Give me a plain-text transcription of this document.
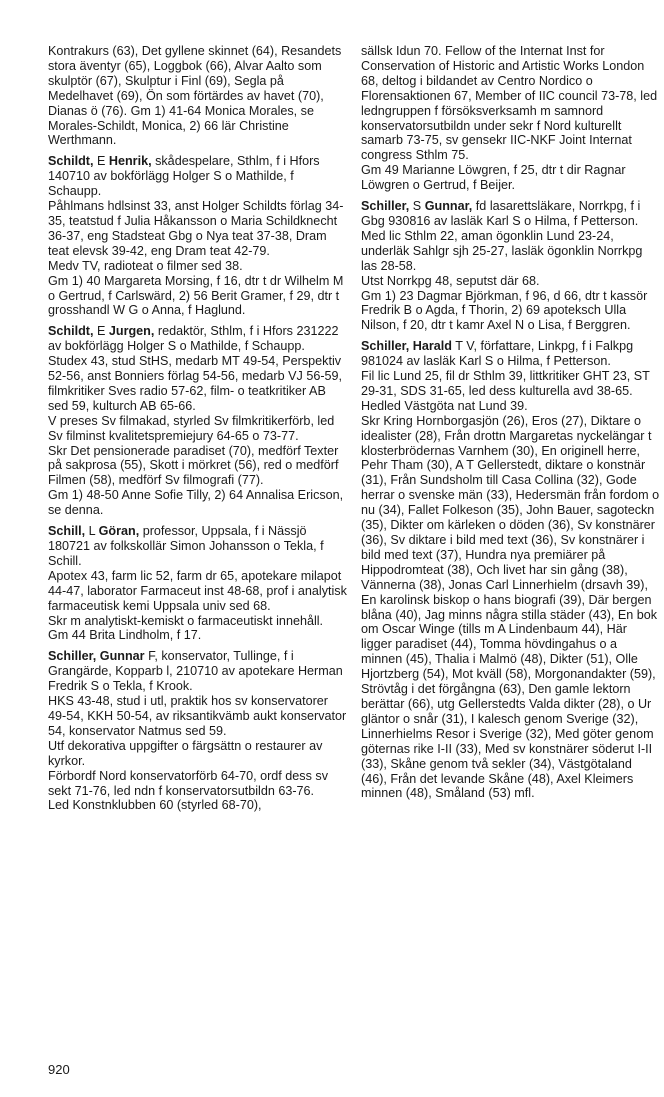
Kontrakurs (63), Det gyllene skinnet (64), Resandets stora äventyr (65), Loggbok (66), Alvar Aalto som skulptör (67), Skulptur i Finl (69), Segla på Medelhavet (69), Ön som förtärdes av havet (70), Dianas ö (76). Gm 1) 41-64 Monica Morales, se Morales-Schildt, Monica, 2) 66 lär Christine Werthmann.
Schildt, E Henrik, skådespelare, Sthlm, f i Hfors 140710 av bokförlägg Holger S o Mathilde, f Schaupp.
Påhlmans hdlsinst 33, anst Holger Schildts förlag 34-35, teatstud f Julia Håkansson o Maria Schildknecht 36-37, eng Stadsteat Gbg o Nya teat 37-38, Dram teat elevsk 39-42, eng Dram teat 42-79.
Medv TV, radioteat o filmer sed 38.
Gm 1) 40 Margareta Morsing, f 16, dtr t dr Wilhelm M o Gertrud, f Carlswärd, 2) 56 Berit Gramer, f 29, dtr t grosshandl W G o Anna, f Haglund.
Schildt, E Jurgen, redaktör, Sthlm, f i Hfors 231222 av bokförlägg Holger S o Mathilde, f Schaupp.
Studex 43, stud StHS, medarb MT 49-54, Perspektiv 52-56, anst Bonniers förlag 54-56, medarb VJ 56-59, filmkritiker Sves radio 57-62, film- o teatkritiker AB sed 59, kulturch AB 65-66.
V preses Sv filmakad, styrled Sv filmkritikerförb, led Sv filminst kvalitetspremiejury 64-65 o 73-77.
Skr Det pensionerade paradiset (70), medförf Texter på sakprosa (55), Skott i mörkret (56), red o medförf Filmen (58), medförf Sv filmografi (77).
Gm 1) 48-50 Anne Sofie Tilly, 2) 64 Annalisa Ericson, se denna.
Schill, L Göran, professor, Uppsala, f i Nässjö 180721 av folkskollär Simon Johansson o Tekla, f Schill.
Apotex 43, farm lic 52, farm dr 65, apotekare milapot 44-47, laborator Farmaceut inst 48-68, prof i analytisk farmaceutisk kemi Uppsala univ sed 68.
Skr m analytiskt-kemiskt o farmaceutiskt innehåll.
Gm 44 Brita Lindholm, f 17.
Schiller, Gunnar F, konservator, Tullinge, f i Grangärde, Kopparb l, 210710 av apotekare Herman Fredrik S o Tekla, f Krook.
HKS 43-48, stud i utl, praktik hos sv konservatorer 49-54, KKH 50-54, av riksantikvämb aukt konservator 54, konservator Natmus sed 59.
Utf dekorativa uppgifter o färgsättn o restaurer av kyrkor.
Förbordf Nord konservatorförb 64-70, ordf dess sv sekt 71-76, led ndn f konservatorsutbildn 63-76.
Led Konstnklubben 60 (styrled 68-70),
sällsk Idun 70. Fellow of the Internat Inst for Conservation of Historic and Artistic Works London 68, deltog i bildandet av Centro Nordico o Florensaktionen 67, Member of IIC council 73-78, led ledngruppen f försöksverksamh m samnord konservatorsutbildn under sekr f Nord kulturellt samarb 73-75, sv gensekr IIC-NKF Joint Internat congress Sthlm 75.
Gm 49 Marianne Löwgren, f 25, dtr t dir Ragnar Löwgren o Gertrud, f Beijer.
Schiller, S Gunnar, fd lasarettsläkare, Norrkpg, f i Gbg 930816 av lasläk Karl S o Hilma, f Petterson.
Med lic Sthlm 22, aman ögonklin Lund 23-24, underläk Sahlgr sjh 25-27, lasläk ögonklin Norrkpg las 28-58.
Utst Norrkpg 48, seputst där 68.
Gm 1) 23 Dagmar Björkman, f 96, d 66, dtr t kassör Fredrik B o Agda, f Thorin, 2) 69 apoteksch Ulla Nilson, f 20, dtr t kamr Axel N o Lisa, f Berggren.
Schiller, Harald T V, författare, Linkpg, f i Falkpg 981024 av lasläk Karl S o Hilma, f Petterson.
Fil lic Lund 25, fil dr Sthlm 39, littkritiker GHT 23, ST 29-31, SDS 31-65, led dess kulturella avd 38-65.
Hedled Västgöta nat Lund 39.
Skr Kring Hornborgasjön (26), Eros (27), Diktare o idealister (28), Från drottn Margaretas nyckelängar t klosterbrödernas Varnhem (30), En originell herre, Pehr Tham (30), A T Gellerstedt, diktare o konstnär (31), Från Sundsholm till Casa Collina (32), Gode herrar o svenske män (33), Hedersmän från fordom o nu (34), Fallet Folkeson (35), John Bauer, sagoteckn (35), Dikter om kärleken o döden (36), Sv konstnärer (36), Sv diktare i bild med text (36), Sv konstnärer i bild med text (37), Hundra nya premiärer på Hippodromteat (38), Och livet har sin gång (38), Vännerna (38), Jonas Carl Linnerhielm (drsavh 39), En karolinsk biskop o hans biografi (39), Där bergen blåna (40), Jag minns några stilla städer (43), En bok om Oscar Winge (tills m A Lindenbaum 44), Här ligger paradiset (44), Tomma hövdingahus o a minnen (45), Thalia i Malmö (48), Dikter (51), Olle Hjortzberg (54), Mot kväll (58), Morgonandakter (59), Strövtåg i det förgångna (63), Den gamle lektorn berättar (66), utg Gellerstedts Valda dikter (28), o Ur gläntor o snår (31), I kalesch genom Sverige (32), Linnerhielms Resor i Sverige (32), Med göter genom göternas rike I-II (33), Med sv konstnärer söderut I-II (33), Skåne genom två sekler (34), Västgötaland (46), Från det levande Skåne (48), Axel Kleimers minnen (48), Småland (53) mfl.
920
